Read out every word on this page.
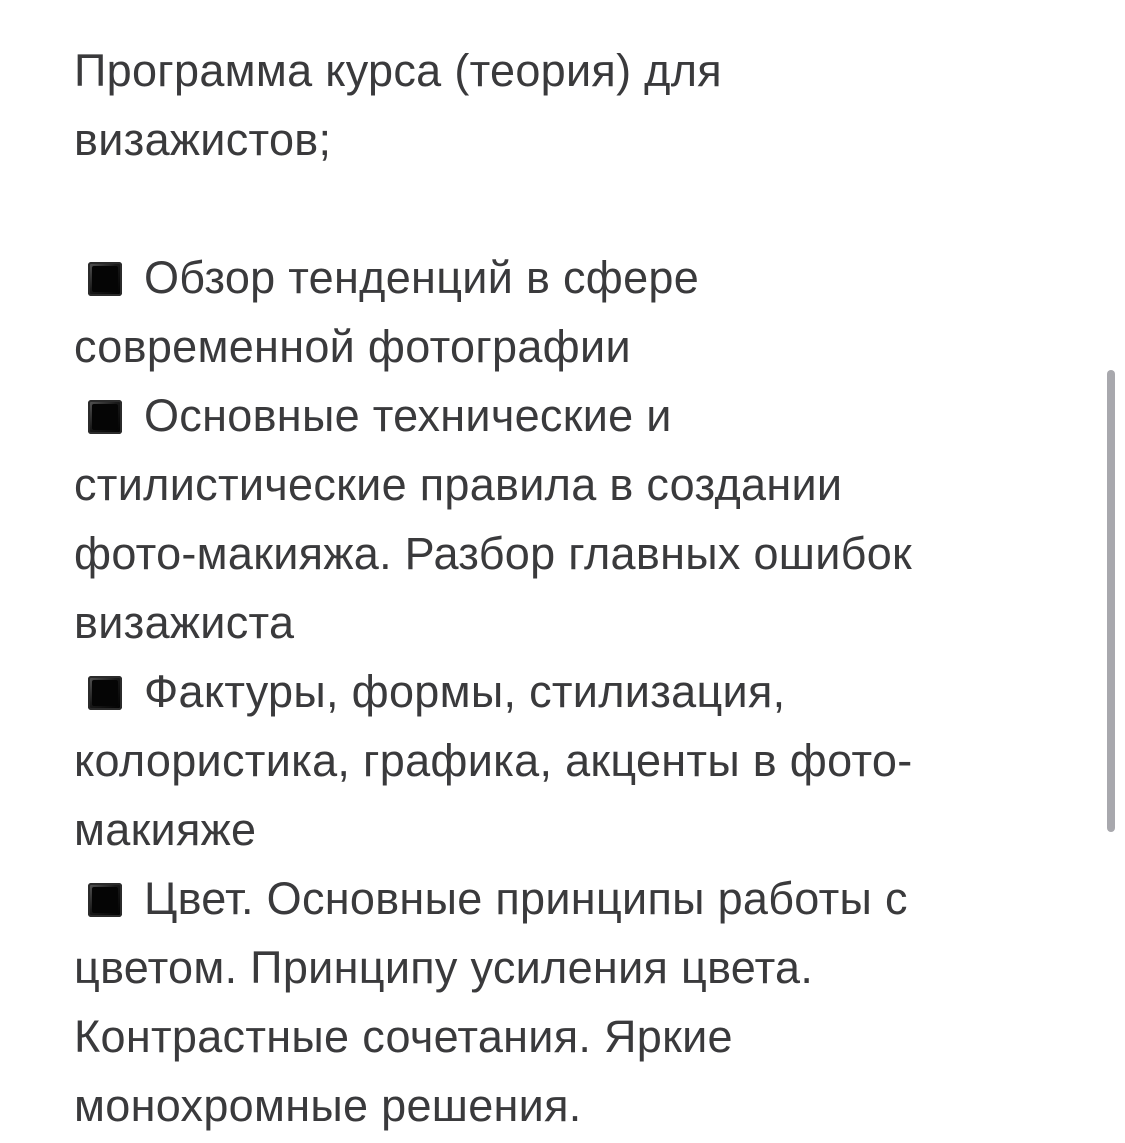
Программа курса (теория) для
визажистов;
Обзор тенденций в сфере
современной фотографии
Основные технические и
стилистические правила в создании
фото-макияжа. Разбор главных ошибок
визажиста
Фактуры, формы, стилизация,
колористика, графика, акценты в фото-
макияже
Цвет. Основные принципы работы с
цветом. Принципу усиления цвета.
Контрастные сочетания. Яркие
монохромные решения.
